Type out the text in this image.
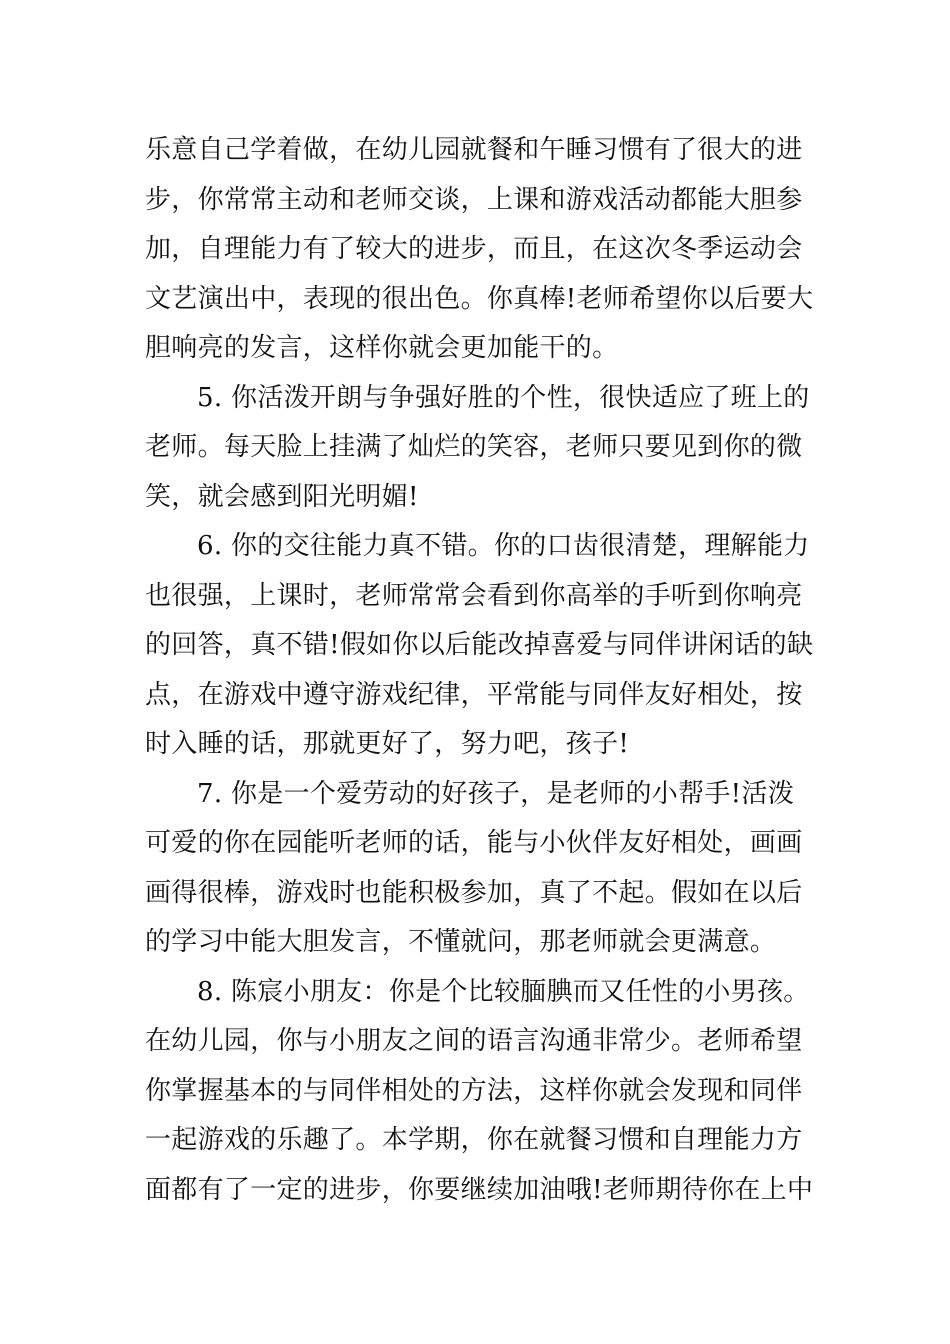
乐意自己学着做，在幼儿园就餐和午睡习惯有了很大的进
步，你常常主动和老师交谈，上课和游戏活动都能大胆参
加，自理能力有了较大的进步，而且，在这次冬季运动会
文艺演出中，表现的很出色。你真棒!老师希望你以后要大
胆响亮的发言，这样你就会更加能干的。
5. 你活泼开朗与争强好胜的个性，很快适应了班上的
老师。每天脸上挂满了灿烂的笑容，老师只要见到你的微
笑，就会感到阳光明媚!
6. 你的交往能力真不错。你的口齿很清楚，理解能力
也很强，上课时，老师常常会看到你高举的手听到你响亮
的回答，真不错!假如你以后能改掉喜爱与同伴讲闲话的缺
点，在游戏中遵守游戏纪律，平常能与同伴友好相处，按
时入睡的话，那就更好了，努力吧，孩子!
7. 你是一个爱劳动的好孩子，是老师的小帮手!活泼
可爱的你在园能听老师的话，能与小伙伴友好相处，画画
画得很棒，游戏时也能积极参加，真了不起。假如在以后
的学习中能大胆发言，不懂就问，那老师就会更满意。
8. 陈宸小朋友：你是个比较腼腆而又任性的小男孩。
在幼儿园，你与小朋友之间的语言沟通非常少。老师希望
你掌握基本的与同伴相处的方法，这样你就会发现和同伴
一起游戏的乐趣了。本学期，你在就餐习惯和自理能力方
面都有了一定的进步，你要继续加油哦!老师期待你在上中
